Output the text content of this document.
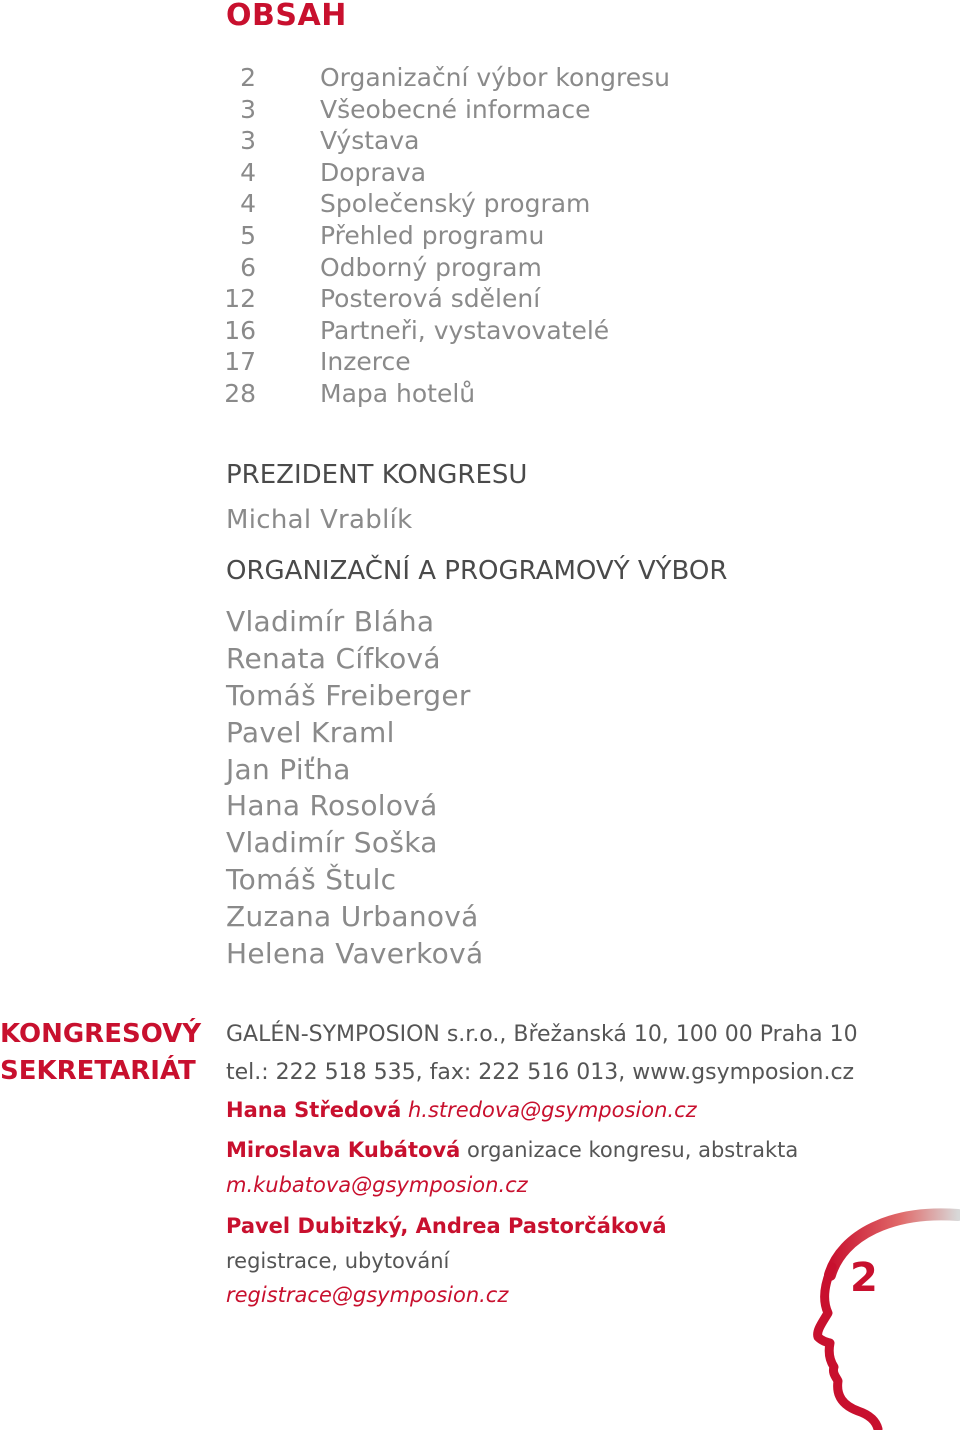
OBSAH
2	Organizační výbor kongresu
3	Všeobecné informace
3	Výstava
4	Doprava
4	Společenský program
5	Přehled programu
6	Odborný program
12	Posterová sdělení
16	Partneři, vystavovatelé
17	Inzerce
28	Mapa hotelů
PREZIDENT KONGRESU
Michal Vrablík
ORGANIZAČNÍ A PROGRAMOVÝ VÝBOR
Vladimír Bláha
Renata Cífková
Tomáš Freiberger
Pavel Kraml
Jan Piťha
Hana Rosolová
Vladimír Soška
Tomáš Štulc
Zuzana Urbanová
Helena Vaverková
KONGRESOVÝ
SEKRETARIÁT
GALÉN-SYMPOSION s.r.o., Břežanská 10, 100 00 Praha 10
tel.: 222 518 535, fax: 222 516 013, www.gsymposion.cz
Hana Středová h.stredova@gsymposion.cz
Miroslava Kubátová organizace kongresu, abstrakta
m.kubatova@gsymposion.cz
Pavel Dubitzký, Andrea Pastorčáková
registrace, ubytování
registrace@gsymposion.cz	2
